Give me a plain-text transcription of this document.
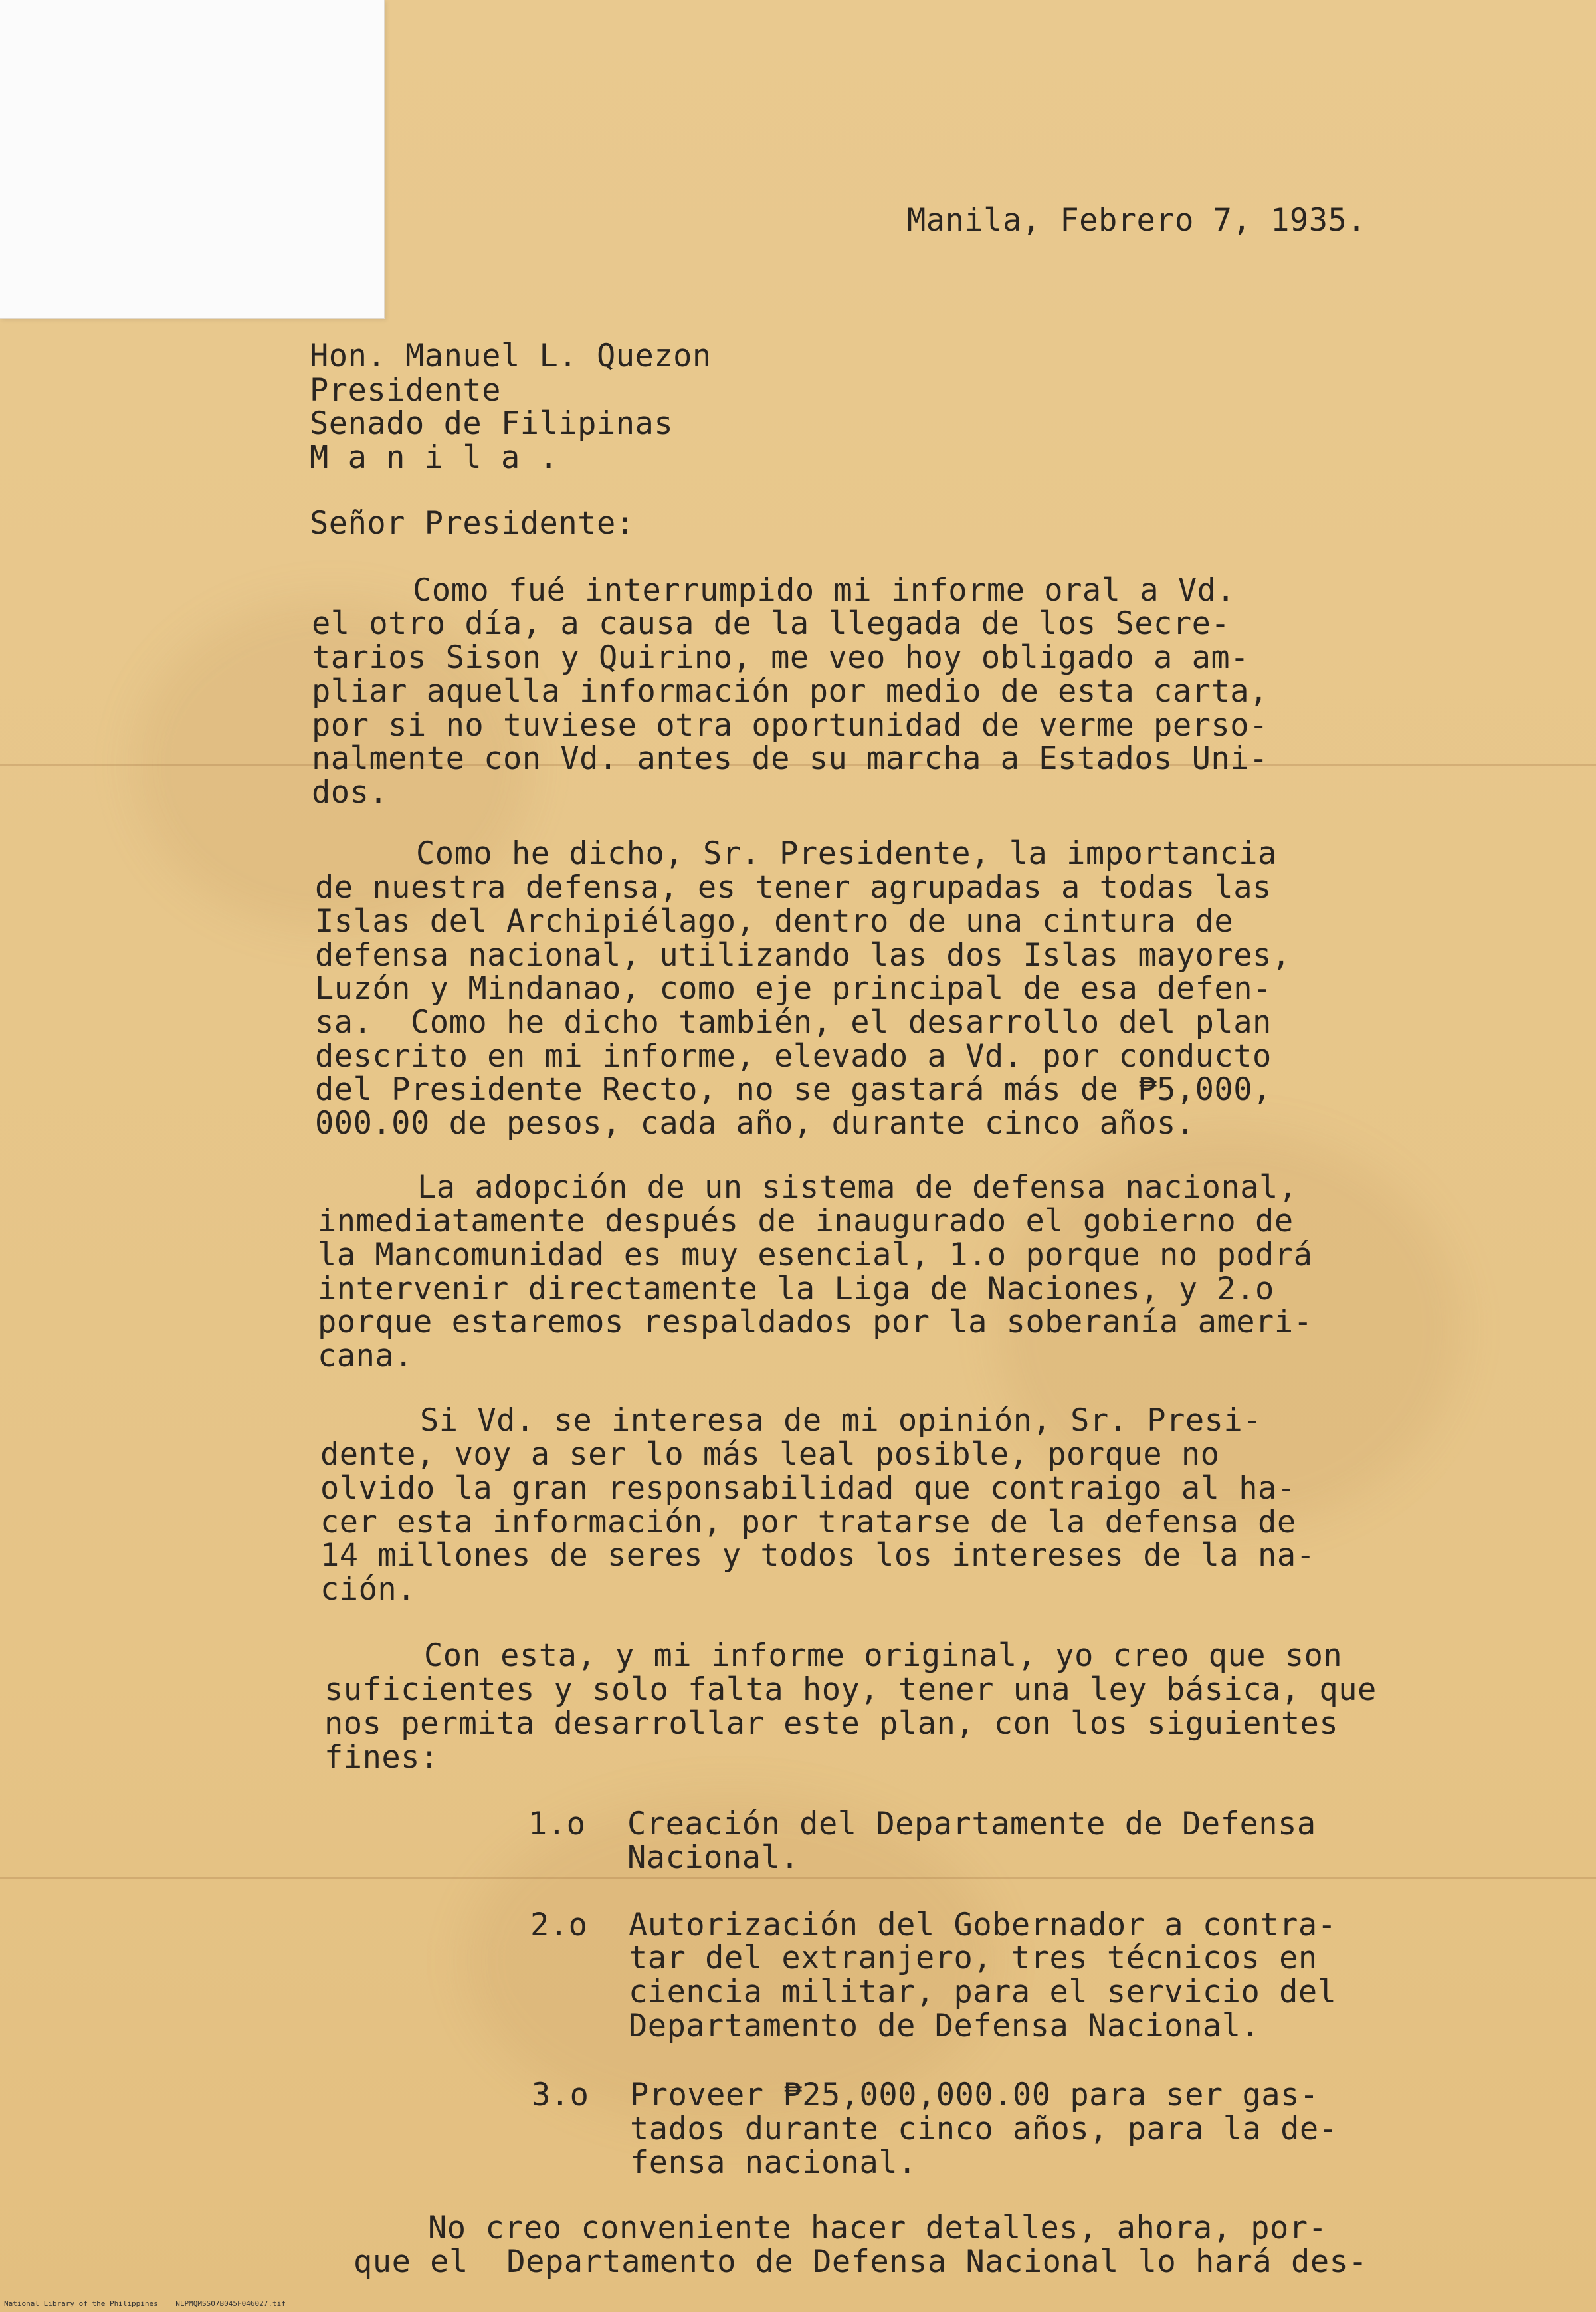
Manila, Febrero 7, 1935.

Hon. Manuel L. Quezon

Presidente

Senado de Filipinas

M a n i l a .

Señor Presidente:

Como fué interrumpido mi informe oral a Vd.

el otro día, a causa de la llegada de los Secre-

tarios Sison y Quirino, me veo hoy obligado a am-

pliar aquella información por medio de esta carta,

por si no tuviese otra oportunidad de verme perso-

nalmente con Vd. antes de su marcha a Estados Uni-

dos.

Como he dicho, Sr. Presidente, la importancia

de nuestra defensa, es tener agrupadas a todas las

Islas del Archipiélago, dentro de una cintura de

defensa nacional, utilizando las dos Islas mayores,

Luzón y Mindanao, como eje principal de esa defen-

sa.  Como he dicho también, el desarrollo del plan

descrito en mi informe, elevado a Vd. por conducto

del Presidente Recto, no se gastará más de ₱5,000,

000.00 de pesos, cada año, durante cinco años.

La adopción de un sistema de defensa nacional,

inmediatamente después de inaugurado el gobierno de

la Mancomunidad es muy esencial, 1.o porque no podrá

intervenir directamente la Liga de Naciones, y 2.o

porque estaremos respaldados por la soberanía ameri-

cana.

Si Vd. se interesa de mi opinión, Sr. Presi-

dente, voy a ser lo más leal posible, porque no

olvido la gran responsabilidad que contraigo al ha-

cer esta información, por tratarse de la defensa de

14 millones de seres y todos los intereses de la na-

ción.

Con esta, y mi informe original, yo creo que son

suficientes y solo falta hoy, tener una ley básica, que

nos permita desarrollar este plan, con los siguientes

fines:

1.o Creación del Departamente de Defensa

Nacional.

2.o Autorización del Gobernador a contra-

tar del extranjero, tres técnicos en

ciencia militar, para el servicio del

Departamento de Defensa Nacional.

3.o Proveer ₱25,000,000.00 para ser gas-

tados durante cinco años, para la de-

fensa nacional.

No creo conveniente hacer detalles, ahora, por-

que el  Departamento de Defensa Nacional lo hará des-

National Library of the Philippines    NLPMQMSS07B045F046027.tif
